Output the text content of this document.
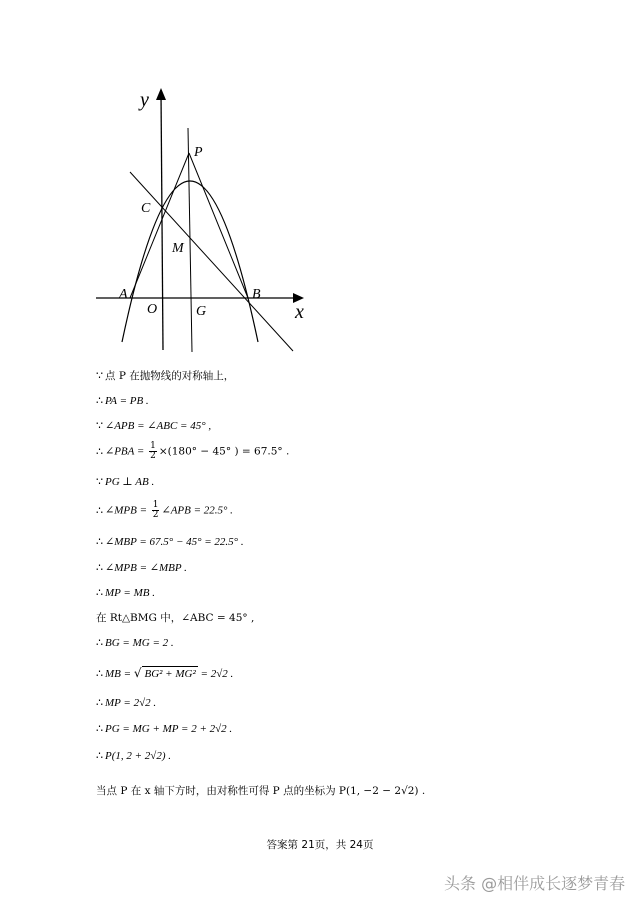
y
x
P
C
M
A
O	G
B
∵ 点 P 在抛物线的对称轴上，
∴ PA = PB .
∵ ∠APB = ∠ABC = 45° ,
∴ ∠PBA = $\frac{1}{2} \times(180^\circ - 45^\circ$ ) = 67.5° .
∵ PG ⊥ AB .
∴ ∠MPB = $\frac{1}{2}$ ∠APB = 22.5° .
∴ ∠MBP = 67.5° − 45° = 22.5° .
∴ ∠MPB = ∠MBP .
∴ MP = MB .
在 Rt△BMG 中，∠ABC = 45° ,
∴ BG = MG = 2 .
∴ MB = √ BG² + MG² = 2√2 .
∴ MP = 2√2 .
∴ PG = MG + MP = 2 + 2√2 .
∴ P(1, 2 + 2√2) .
当点 P 在 x 轴下方时，由对称性可得 P 点的坐标为 P(1, −2 − 2√2) .
答案第 21页，共 24页
头条 @相伴成长逐梦青春
